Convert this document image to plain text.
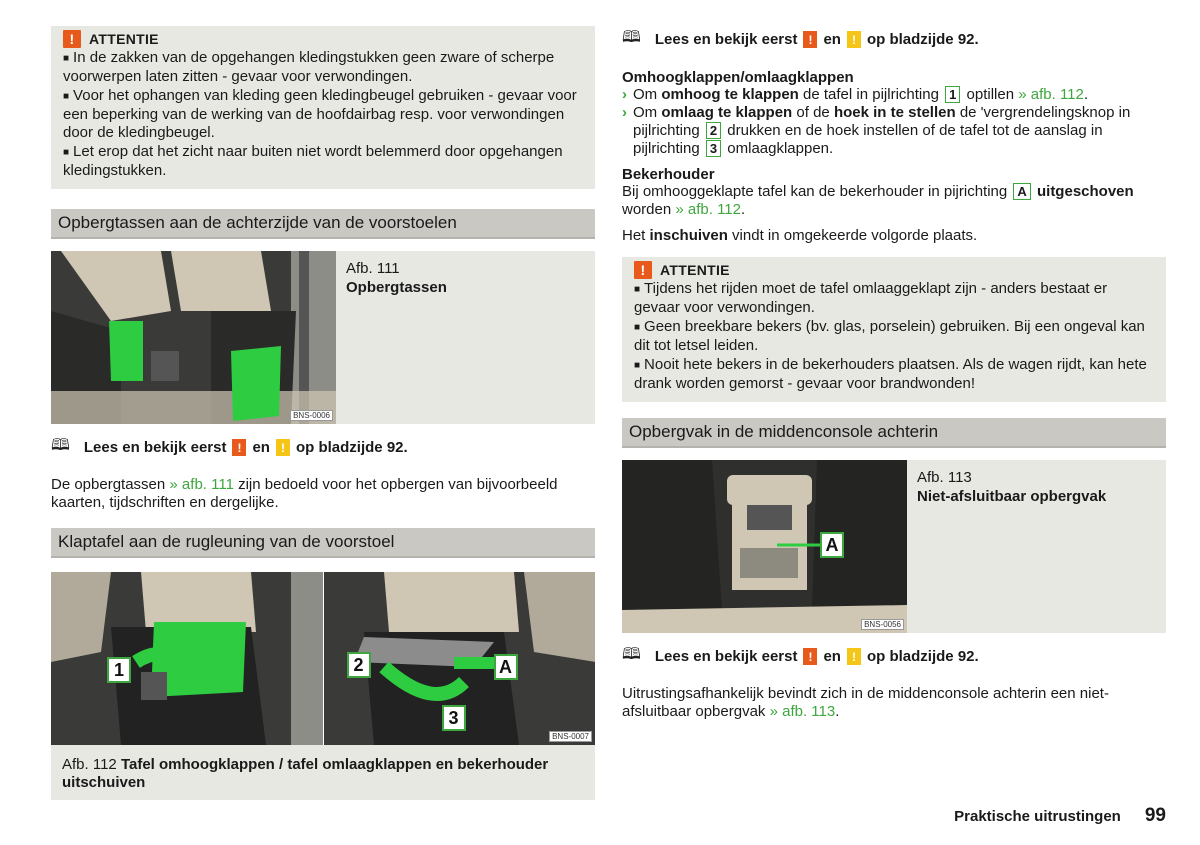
!	ATTENTIE
■ In de zakken van de opgehangen kledingstukken geen zware of scherpe voorwerpen laten zitten - gevaar voor verwondingen.
■ Voor het ophangen van kleding geen kledingbeugel gebruiken - gevaar voor een beperking van de werking van de hoofdairbag resp. voor verwondingen door de kledingbeugel.
■ Let erop dat het zicht naar buiten niet wordt belemmerd door opgehangen kledingstukken.
Opbergtassen aan de achterzijde van de voorstoelen
BNS-0006
Afb. 111
Opbergtassen
🕮 Lees en bekijk eerst ! en ! op bladzijde 92.

De opbergtassen » afb. 111 zijn bedoeld voor het opbergen van bijvoorbeeld kaarten, tijdschriften en dergelijke.

Klaptafel aan de rugleuning van de voorstoel
1	2	A
3
BNS-0007
Afb. 112 Tafel omhoogklappen / tafel omlaagklappen en bekerhouder uitschuiven
🕮 Lees en bekijk eerst ! en ! op bladzijde 92.
Omhoogklappen/omlaagklappen
› Om omhoog te klappen de tafel in pijlrichting 1 optillen » afb. 112.
› Om omlaag te klappen of de hoek in te stellen de 'vergrendelingsknop in pijlrichting 2 drukken en de hoek instellen of de tafel tot de aanslag in pijlrichting 3 omlaagklappen.
Bekerhouder

Bij omhooggeklapte tafel kan de bekerhouder in pijrichting A uitgeschoven worden » afb. 112.

Het inschuiven vindt in omgekeerde volgorde plaats.

!	ATTENTIE
■ Tijdens het rijden moet de tafel omlaaggeklapt zijn - anders bestaat er gevaar voor verwondingen.
■ Geen breekbare bekers (bv. glas, porselein) gebruiken. Bij een ongeval kan dit tot letsel leiden.
■ Nooit hete bekers in de bekerhouders plaatsen. Als de wagen rijdt, kan hete drank worden gemorst - gevaar voor brandwonden!
Opbergvak in de middenconsole achterin
A
BNS-0056
Afb. 113
Niet-afsluitbaar opbergvak
🕮 Lees en bekijk eerst ! en ! op bladzijde 92.

Uitrustingsafhankelijk bevindt zich in de middenconsole achterin een niet-afsluitbaar opbergvak » afb. 113.

Praktische uitrustingen 99
